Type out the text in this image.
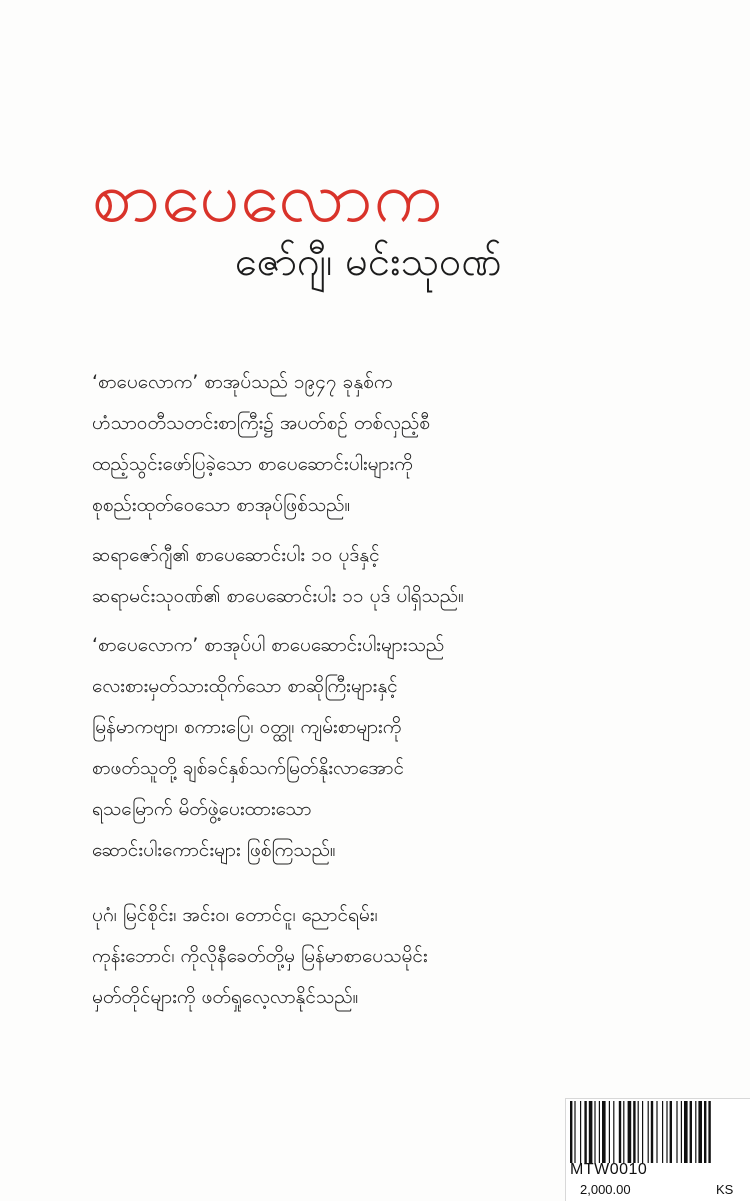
စာပေလောက
ဇော်ဂျီ၊ မင်းသုဝဏ်
‘စာပေလောက’ စာအုပ်သည် ၁၉၄၇ ခုနှစ်က
ဟံသာဝတီသတင်းစာကြီး၌ အပတ်စဉ် တစ်လှည့်စီ
ထည့်သွင်းဖော်ပြခဲ့သော စာပေဆောင်းပါးများကို
စုစည်းထုတ်ဝေသော စာအုပ်ဖြစ်သည်။
ဆရာဇော်ဂျီ၏ စာပေဆောင်းပါး ၁၀ ပုဒ်နှင့်
ဆရာမင်းသုဝဏ်၏ စာပေဆောင်းပါး ၁၁ ပုဒ် ပါရှိသည်။
‘စာပေလောက’ စာအုပ်ပါ စာပေဆောင်းပါးများသည်
လေးစားမှတ်သားထိုက်သော စာဆိုကြီးများနှင့်
မြန်မာကဗျာ၊ စကားပြေ၊ ဝတ္ထု၊ ကျမ်းစာများကို
စာဖတ်သူတို့ ချစ်ခင်နှစ်သက်မြတ်နိုးလာအောင်
ရသမြောက် မိတ်ဖွဲ့ပေးထားသော
ဆောင်းပါးကောင်းများ ဖြစ်ကြသည်။
ပုဂံ၊ မြင်စိုင်း၊ အင်းဝ၊ တောင်ငူ၊ ညောင်ရမ်း၊
ကုန်းဘောင်၊ ကိုလိုနီခေတ်တို့မှ မြန်မာစာပေသမိုင်း
မှတ်တိုင်များကို ဖတ်ရှုလေ့လာနိုင်သည်။
MTW0010
2,000.00	KS
